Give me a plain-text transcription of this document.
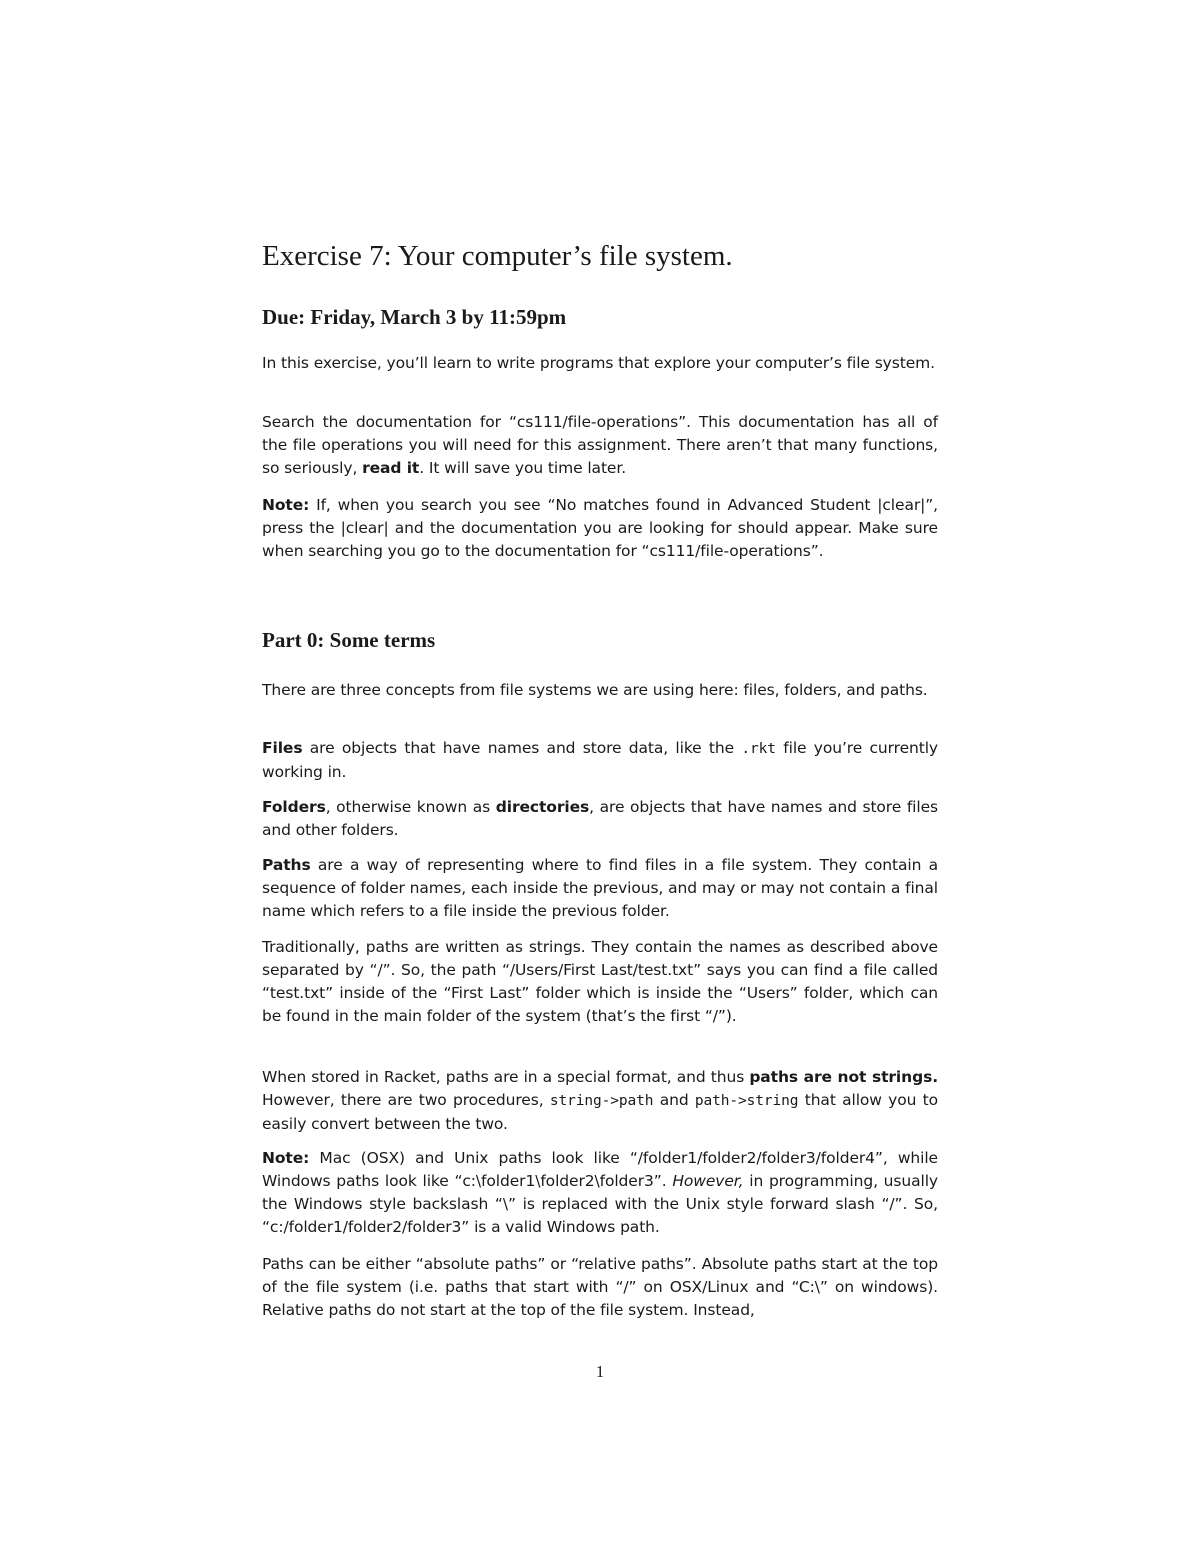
Exercise 7: Your computer’s file system.
Due: Friday, March 3 by 11:59pm

In this exercise, you’ll learn to write programs that explore your computer’s file system.

Search the documentation for “cs111/file-operations”. This documentation has all of the file operations you will need for this assignment. There aren’t that many functions, so seriously, read it. It will save you time later.

Note: If, when you search you see “No matches found in Advanced Student |clear|”, press the |clear| and the documentation you are looking for should appear. Make sure when searching you go to the documentation for “cs111/file-operations”.

Part 0: Some terms

There are three concepts from file systems we are using here: files, folders, and paths.

Files are objects that have names and store data, like the .rkt file you’re currently working in.

Folders, otherwise known as directories, are objects that have names and store files and other folders.

Paths are a way of representing where to find files in a file system. They contain a sequence of folder names, each inside the previous, and may or may not contain a final name which refers to a file inside the previous folder.

Traditionally, paths are written as strings. They contain the names as described above separated by “/”. So, the path “/Users/First Last/test.txt” says you can find a file called “test.txt” inside of the “First Last” folder which is inside the “Users” folder, which can be found in the main folder of the system (that’s the first “/”).

When stored in Racket, paths are in a special format, and thus paths are not strings. However, there are two procedures, string->path and path->string that allow you to easily convert between the two.

Note: Mac (OSX) and Unix paths look like “/folder1/folder2/folder3/folder4”, while Windows paths look like “c:\folder1\folder2\folder3”. However, in programming, usually the Windows style backslash “\” is replaced with the Unix style forward slash “/”. So, “c:/folder1/folder2/folder3” is a valid Windows path.

Paths can be either “absolute paths” or “relative paths”. Absolute paths start at the top of the file system (i.e. paths that start with “/” on OSX/Linux and “C:\” on windows). Relative paths do not start at the top of the file system. Instead,

1
